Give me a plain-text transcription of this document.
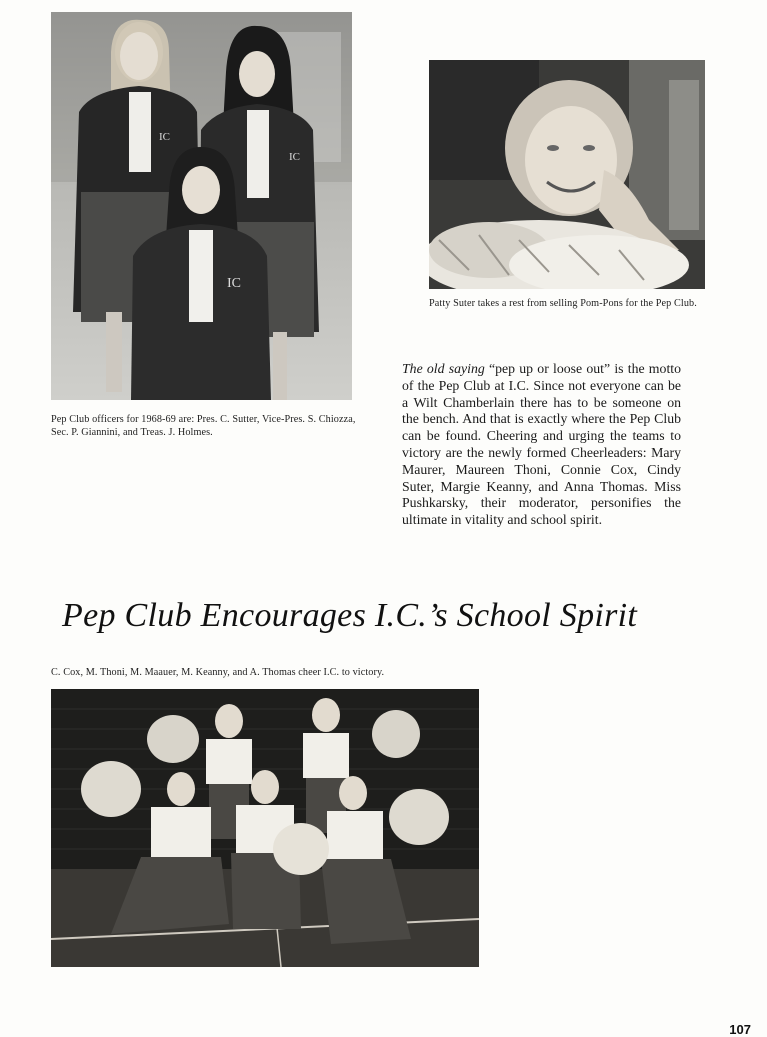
IC
IC
IC
Pep Club officers for 1968-69 are: Pres. C. Sutter, Vice-Pres. S. Chiozza, Sec. P. Giannini, and Treas. J. Holmes.
Patty Suter takes a rest from selling Pom-Pons for the Pep Club.
The old saying “pep up or loose out” is the motto of the Pep Club at I.C. Since not everyone can be a Wilt Chamberlain there has to be someone on the bench. And that is exactly where the Pep Club can be found. Cheering and urging the teams to victory are the newly formed Cheerleaders: Mary Maurer, Maureen Thoni, Connie Cox, Cindy Suter, Margie Keanny, and Anna Thomas. Miss Pushkarsky, their moderator, personifies the ultimate in vitality and school spirit.
Pep Club Encourages I.C.’s School Spirit
C. Cox, M. Thoni, M. Maauer, M. Keanny, and A. Thomas cheer I.C. to victory.
107
